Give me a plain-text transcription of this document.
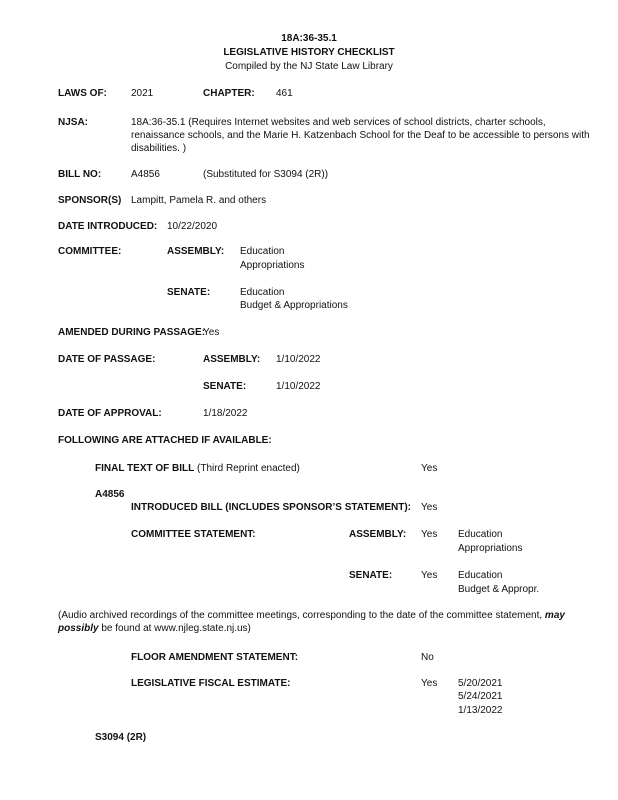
18A:36-35.1
LEGISLATIVE HISTORY CHECKLIST
Compiled by the NJ State Law Library
LAWS OF: 2021	CHAPTER: 461
NJSA:	18A:36-35.1 (Requires Internet websites and web services of school districts, charter schools,
renaissance schools, and the Marie H. Katzenbach School for the Deaf to be accessible to persons with
disabilities. )
BILL NO:	A4856	(Substituted for S3094 (2R))
SPONSOR(S) Lampitt, Pamela R. and others
DATE INTRODUCED: 10/22/2020
COMMITTEE:	ASSEMBLY: Education
Appropriations
SENATE:	Education
Budget & Appropriations
AMENDED DURING PASSAGE:
Yes
DATE OF PASSAGE:	ASSEMBLY: 1/10/2022
SENATE:	1/10/2022
DATE OF APPROVAL:	1/18/2022
FOLLOWING ARE ATTACHED IF AVAILABLE:
FINAL TEXT OF BILL (Third Reprint enacted)	Yes
A4856
INTRODUCED BILL (INCLUDES SPONSOR’S STATEMENT): Yes
COMMITTEE STATEMENT:	ASSEMBLY: Yes Education
Appropriations
SENATE:	Yes Education
Budget & Appropr.
(Audio archived recordings of the committee meetings, corresponding to the date of the committee statement, may
possibly be found at www.njleg.state.nj.us)
FLOOR AMENDMENT STATEMENT:	No
LEGISLATIVE FISCAL ESTIMATE:	Yes 5/20/2021
5/24/2021
1/13/2022
S3094 (2R)
